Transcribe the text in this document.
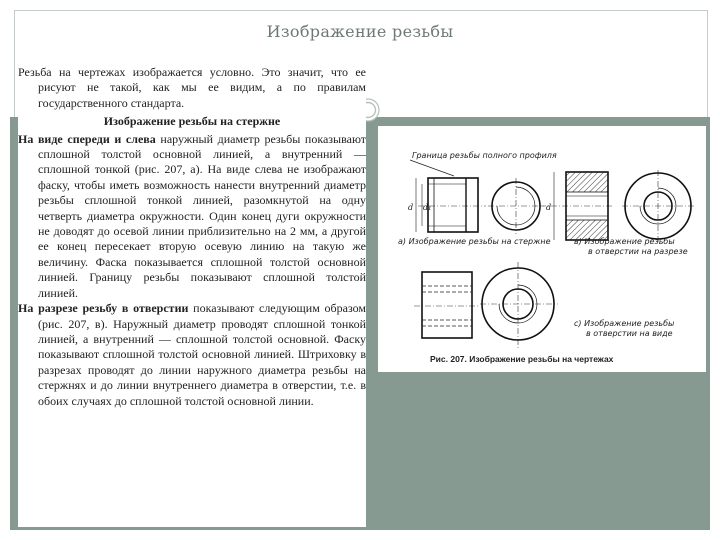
Изображение резьбы

Резьба на чертежах изображается условно. Это значит, что ее рисуют не такой, как мы ее видим, а по правилам государственного стандарта.

Изображение резьбы на стержне

На виде спереди и слева наружный диаметр резьбы показывают сплошной толстой основной линией, а внутренний — сплошной тонкой (рис. 207, а). На виде слева не изображают фаску, чтобы иметь возможность нанести внутренний диаметр резьбы сплошной тонкой линией, разомкнутой на одну четверть диаметра окружности. Один конец дуги окружности не доводят до осевой линии приблизительно на 2 мм, а другой ее конец пересекает вторую осевую линию на такую же величину. Фаска показывается сплошной толстой основной линией. Границу резьбы показывают сплошной толстой линией.

На разрезе резьбу в отверстии показывают следующим образом (рис. 207, в). Наружный диаметр проводят сплошной тонкой линией, а внутренний — сплошной толстой основной. Фаску показывают сплошной толстой основной линией. Штриховку в разрезах проводят до линии наружного диаметра резьбы на стержнях и до линии внутреннего диаметра в отверстии, т.е. в обоих случаях до сплошной толстой основной линии.

Граница резьбы полного профиля
d d₁	d
а) Изображение резьбы на стержне	в) Изображение резьбы
в отверстии на разрезе
с) Изображение резьбы
в отверстии на виде
Рис. 207. Изображение резьбы на чертежах
